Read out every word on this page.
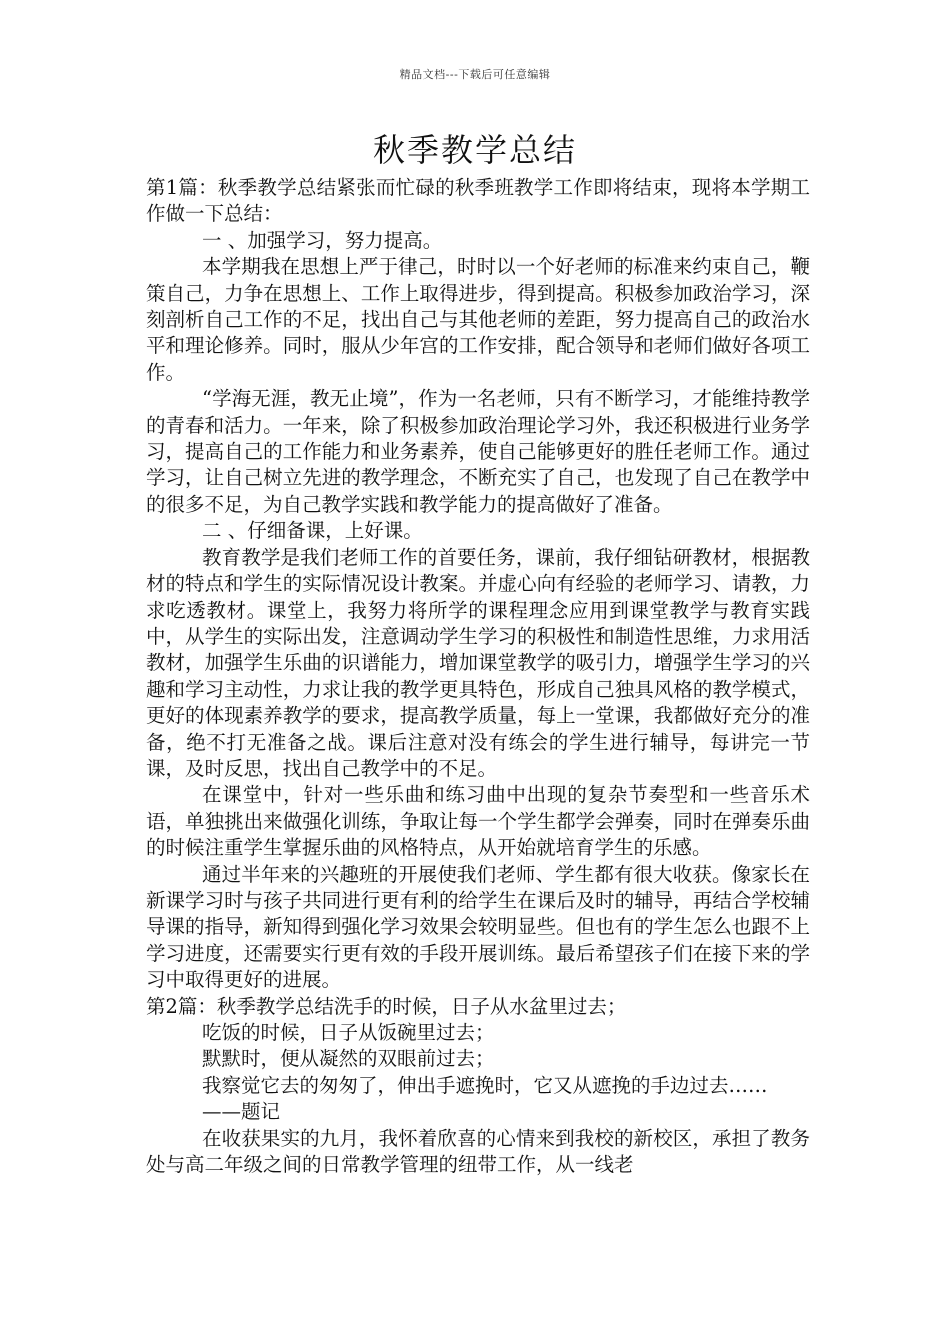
精品文档---下载后可任意编辑
秋季教学总结

第1篇：秋季教学总结紧张而忙碌的秋季班教学工作即将结束，现将本学期工作做一下总结：

一 、加强学习，努力提高。

本学期我在思想上严于律己，时时以一个好老师的标准来约束自己，鞭策自己，力争在思想上、工作上取得进步，得到提高。积极参加政治学习，深刻剖析自己工作的不足，找出自己与其他老师的差距，努力提高自己的政治水平和理论修养。同时，服从少年宫的工作安排，配合领导和老师们做好各项工作。

“学海无涯，教无止境”，作为一名老师，只有不断学习，才能维持教学的青春和活力。一年来，除了积极参加政治理论学习外，我还积极进行业务学习，提高自己的工作能力和业务素养，使自己能够更好的胜任老师工作。通过学习，让自己树立先进的教学理念，不断充实了自己，也发现了自己在教学中的很多不足，为自己教学实践和教学能力的提高做好了准备。

二 、仔细备课，上好课。

教育教学是我们老师工作的首要任务，课前，我仔细钻研教材，根据教材的特点和学生的实际情况设计教案。并虚心向有经验的老师学习、请教，力求吃透教材。课堂上，我努力将所学的课程理念应用到课堂教学与教育实践中，从学生的实际出发，注意调动学生学习的积极性和制造性思维，力求用活教材，加强学生乐曲的识谱能力，增加课堂教学的吸引力，增强学生学习的兴趣和学习主动性，力求让我的教学更具特色，形成自己独具风格的教学模式，更好的体现素养教学的要求，提高教学质量，每上一堂课，我都做好充分的准备，绝不打无准备之战。课后注意对没有练会的学生进行辅导，每讲完一节课，及时反思，找出自己教学中的不足。

在课堂中，针对一些乐曲和练习曲中出现的复杂节奏型和一些音乐术语，单独挑出来做强化训练，争取让每一个学生都学会弹奏，同时在弹奏乐曲的时候注重学生掌握乐曲的风格特点，从开始就培育学生的乐感。

通过半年来的兴趣班的开展使我们老师、学生都有很大收获。像家长在新课学习时与孩子共同进行更有利的给学生在课后及时的辅导，再结合学校辅导课的指导，新知得到强化学习效果会较明显些。但也有的学生怎么也跟不上学习进度，还需要实行更有效的手段开展训练。最后希望孩子们在接下来的学习中取得更好的进展。

第2篇：秋季教学总结洗手的时候，日子从水盆里过去；

吃饭的时候，日子从饭碗里过去；

默默时，便从凝然的双眼前过去；

我察觉它去的匆匆了，伸出手遮挽时，它又从遮挽的手边过去……

——题记

在收获果实的九月，我怀着欣喜的心情来到我校的新校区，承担了教务处与高二年级之间的日常教学管理的纽带工作，从一线老
